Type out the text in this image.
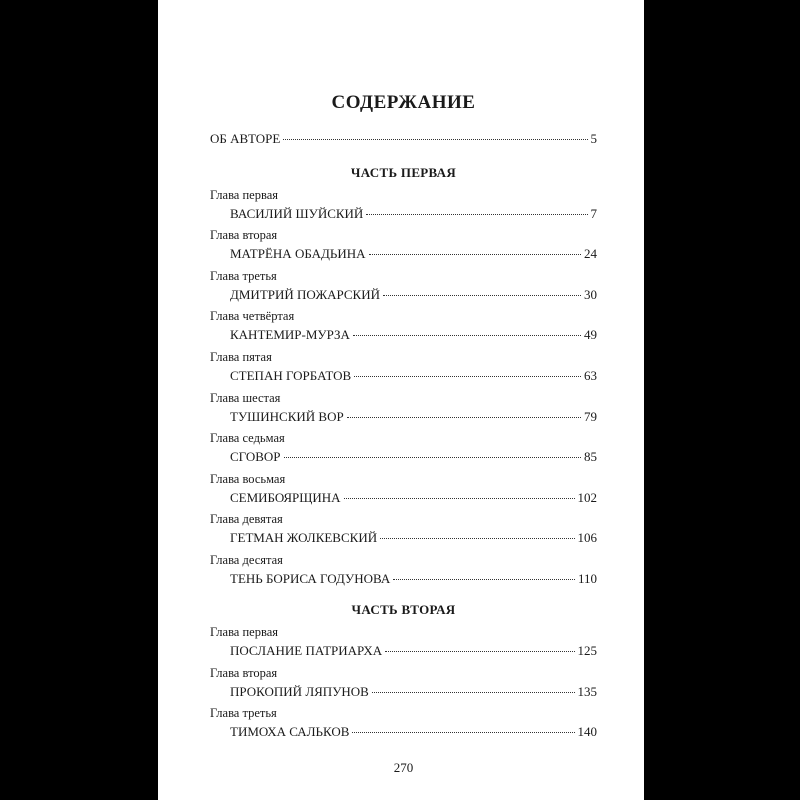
СОДЕРЖАНИЕ
ОБ АВТОРЕ	5
ЧАСТЬ ПЕРВАЯ
Глава первая
ВАСИЛИЙ ШУЙСКИЙ	7
Глава вторая
МАТРЁНА ОБАДЬИНА	24
Глава третья
ДМИТРИЙ ПОЖАРСКИЙ	30
Глава четвёртая
КАНТЕМИР-МУРЗА	49
Глава пятая
СТЕПАН ГОРБАТОВ	63
Глава шестая
ТУШИНСКИЙ ВОР	79
Глава седьмая
СГОВОР	85
Глава восьмая
СЕМИБОЯРЩИНА	102
Глава девятая
ГЕТМАН ЖОЛКЕВСКИЙ	106
Глава десятая
ТЕНЬ БОРИСА ГОДУНОВА	110
ЧАСТЬ ВТОРАЯ
Глава первая
ПОСЛАНИЕ ПАТРИАРХА	125
Глава вторая
ПРОКОПИЙ ЛЯПУНОВ	135
Глава третья
ТИМОХА САЛЬКОВ	140
270
